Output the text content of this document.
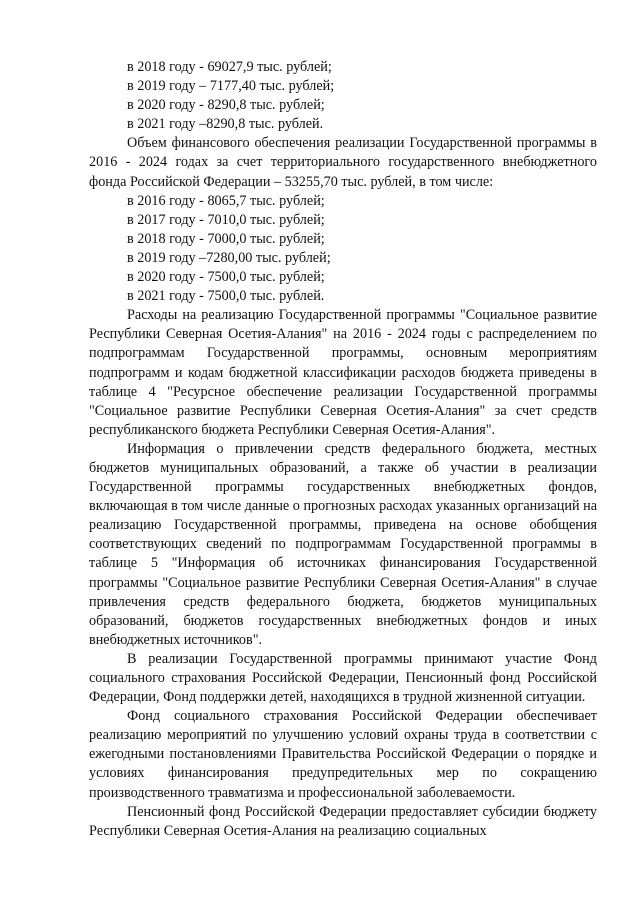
в 2018 году - 69027,9 тыс. рублей;
в 2019 году – 7177,40 тыс. рублей;
в 2020 году - 8290,8 тыс. рублей;
в 2021 году –8290,8 тыс. рублей.

Объем финансового обеспечения реализации Государственной программы в 2016 - 2024 годах за счет территориального государственного внебюджетного фонда Российской Федерации – 53255,70 тыс. рублей, в том числе:

в 2016 году - 8065,7 тыс. рублей;
в 2017 году - 7010,0 тыс. рублей;
в 2018 году - 7000,0 тыс. рублей;
в 2019 году –7280,00 тыс. рублей;
в 2020 году - 7500,0 тыс. рублей;
в 2021 году - 7500,0 тыс. рублей.

Расходы на реализацию Государственной программы "Социальное развитие Республики Северная Осетия-Алания" на 2016 - 2024 годы с распределением по подпрограммам Государственной программы, основным мероприятиям подпрограмм и кодам бюджетной классификации расходов бюджета приведены в таблице 4 "Ресурсное обеспечение реализации Государственной программы "Социальное развитие Республики Северная Осетия-Алания" за счет средств республиканского бюджета Республики Северная Осетия-Алания".

Информация о привлечении средств федерального бюджета, местных бюджетов муниципальных образований, а также об участии в реализации Государственной программы государственных внебюджетных фондов, включающая в том числе данные о прогнозных расходах указанных организаций на реализацию Государственной программы, приведена на основе обобщения соответствующих сведений по подпрограммам Государственной программы в таблице 5 "Информация об источниках финансирования Государственной программы "Социальное развитие Республики Северная Осетия-Алания" в случае привлечения средств федерального бюджета, бюджетов муниципальных образований, бюджетов государственных внебюджетных фондов и иных внебюджетных источников".

В реализации Государственной программы принимают участие Фонд социального страхования Российской Федерации, Пенсионный фонд Российской Федерации, Фонд поддержки детей, находящихся в трудной жизненной ситуации.

Фонд социального страхования Российской Федерации обеспечивает реализацию мероприятий по улучшению условий охраны труда в соответствии с ежегодными постановлениями Правительства Российской Федерации о порядке и условиях финансирования предупредительных мер по сокращению производственного травматизма и профессиональной заболеваемости.

Пенсионный фонд Российской Федерации предоставляет субсидии бюджету Республики Северная Осетия-Алания на реализацию социальных
